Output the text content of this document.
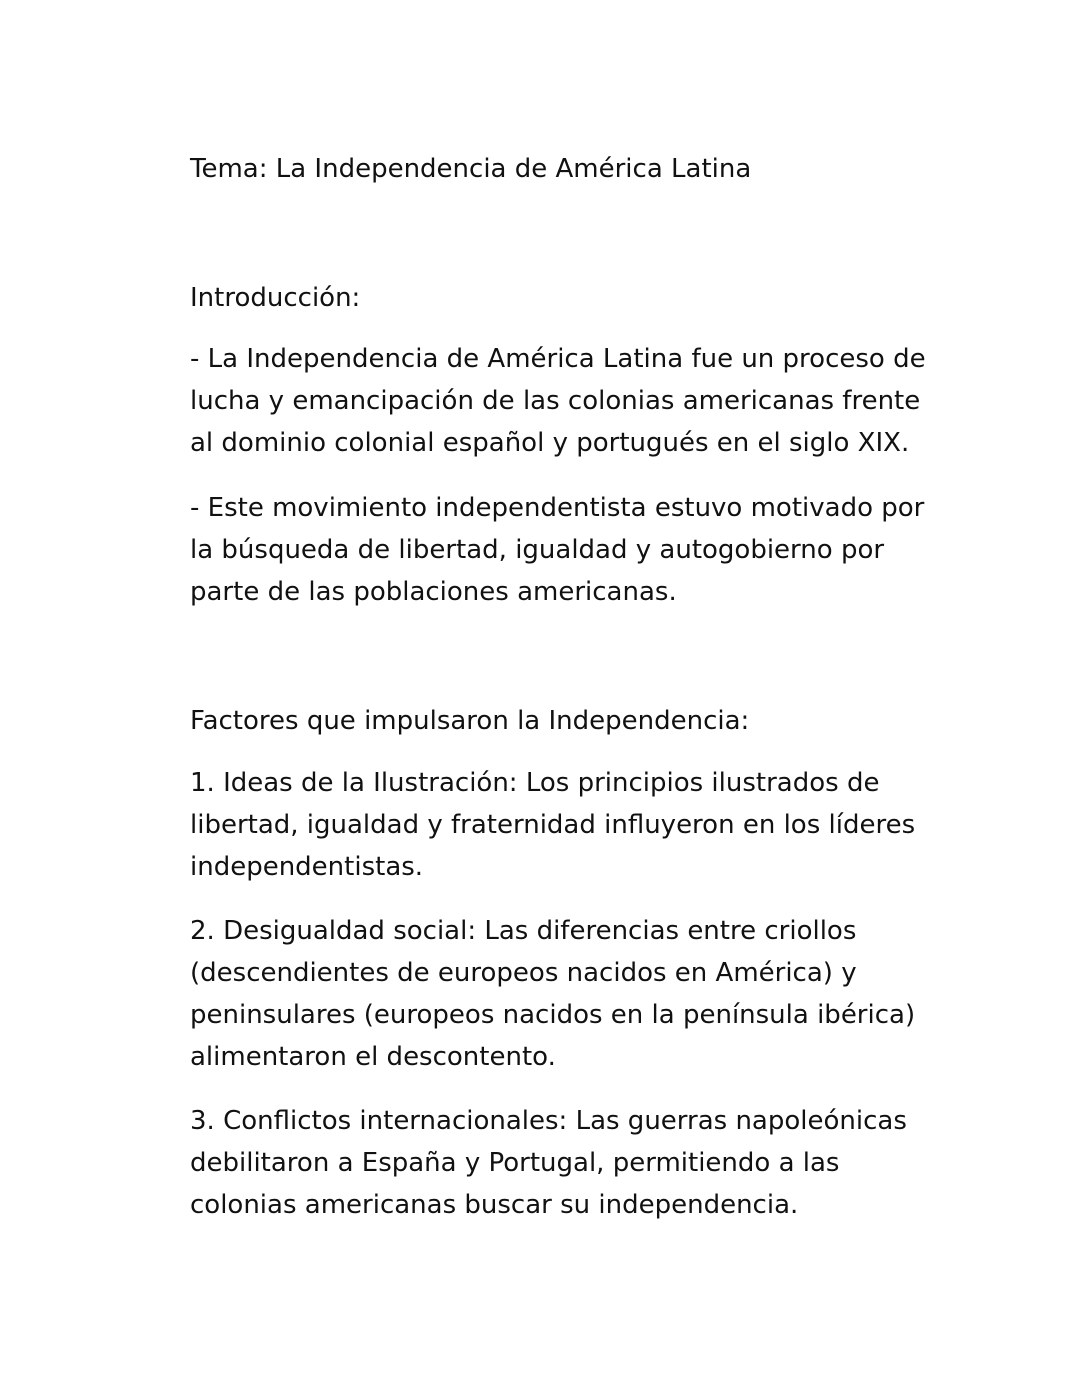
Tema: La Independencia de América Latina

Introducción:

- La Independencia de América Latina fue un proceso de lucha y emancipación de las colonias americanas frente al dominio colonial español y portugués en el siglo XIX.

- Este movimiento independentista estuvo motivado por la búsqueda de libertad, igualdad y autogobierno por parte de las poblaciones americanas.

Factores que impulsaron la Independencia:

1. Ideas de la Ilustración: Los principios ilustrados de libertad, igualdad y fraternidad influyeron en los líderes independentistas.

2. Desigualdad social: Las diferencias entre criollos (descendientes de europeos nacidos en América) y peninsulares (europeos nacidos en la península ibérica) alimentaron el descontento.

3. Conflictos internacionales: Las guerras napoleónicas debilitaron a España y Portugal, permitiendo a las colonias americanas buscar su independencia.
